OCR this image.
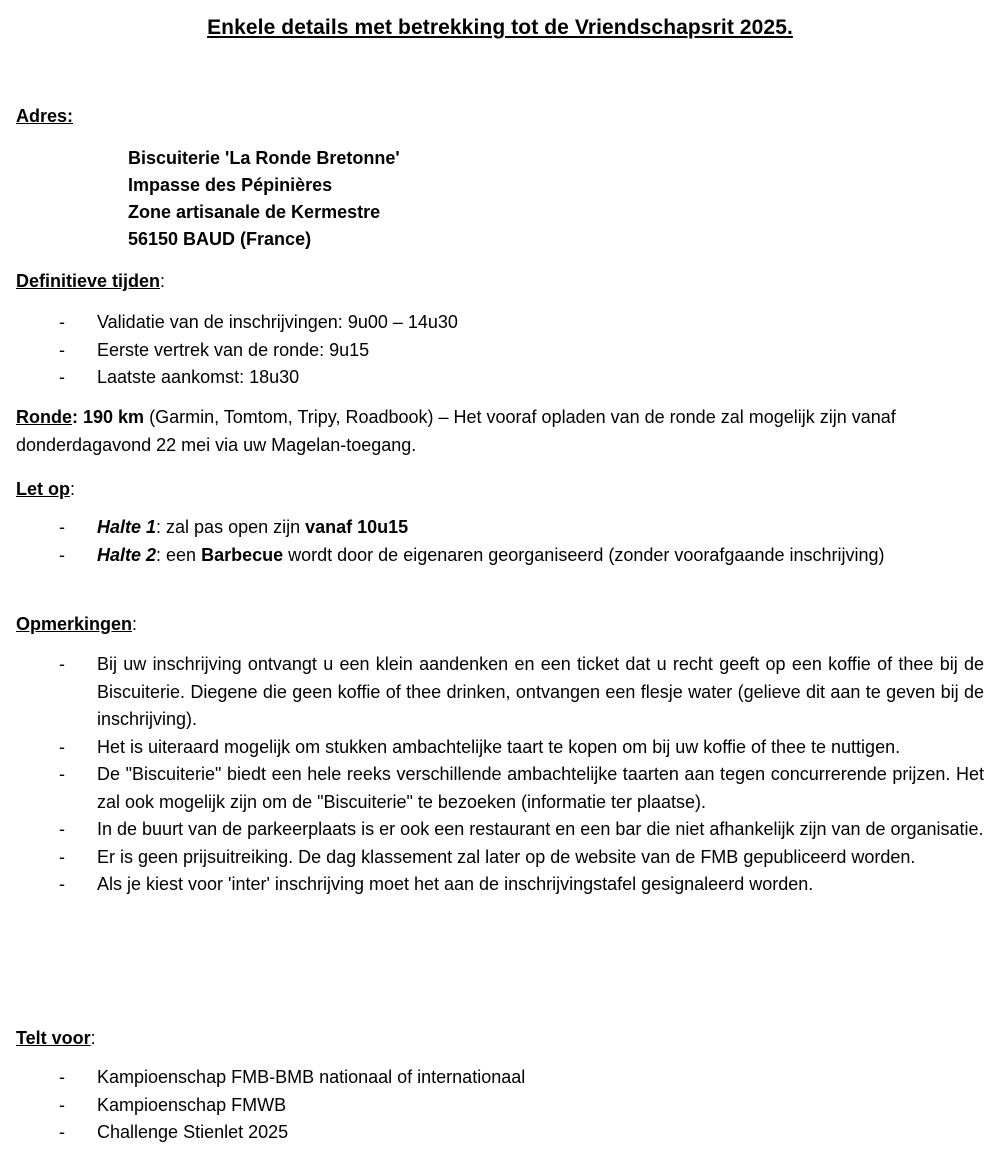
Enkele details met betrekking tot de Vriendschapsrit 2025.
Adres:
Biscuiterie 'La Ronde Bretonne'
Impasse des Pépinières
Zone artisanale de Kermestre
56150 BAUD (France)
Definitieve tijden:
- Validatie van de inschrijvingen: 9u00 – 14u30
- Eerste vertrek van de ronde: 9u15
- Laatste aankomst: 18u30
Ronde: 190 km (Garmin, Tomtom, Tripy, Roadbook) – Het vooraf opladen van de ronde zal mogelijk zijn vanaf donderdagavond 22 mei via uw Magelan-toegang.
Let op:
- Halte 1: zal pas open zijn vanaf 10u15
- Halte 2: een Barbecue wordt door de eigenaren georganiseerd (zonder voorafgaande inschrijving)
Opmerkingen:
- Bij uw inschrijving ontvangt u een klein aandenken en een ticket dat u recht geeft op een koffie of thee bij de Biscuiterie. Diegene die geen koffie of thee drinken, ontvangen een flesje water (gelieve dit aan te geven bij de inschrijving).
- Het is uiteraard mogelijk om stukken ambachtelijke taart te kopen om bij uw koffie of thee te nuttigen.
- De "Biscuiterie" biedt een hele reeks verschillende ambachtelijke taarten aan tegen concurrerende prijzen. Het zal ook mogelijk zijn om de "Biscuiterie" te bezoeken (informatie ter plaatse).
- In de buurt van de parkeerplaats is er ook een restaurant en een bar die niet afhankelijk zijn van de organisatie.
- Er is geen prijsuitreiking. De dag klassement zal later op de website van de FMB gepubliceerd worden.
- Als je kiest voor 'inter' inschrijving moet het aan de inschrijvingstafel gesignaleerd worden.
Telt voor:
- Kampioenschap FMB-BMB nationaal of internationaal
- Kampioenschap FMWB
- Challenge Stienlet 2025
